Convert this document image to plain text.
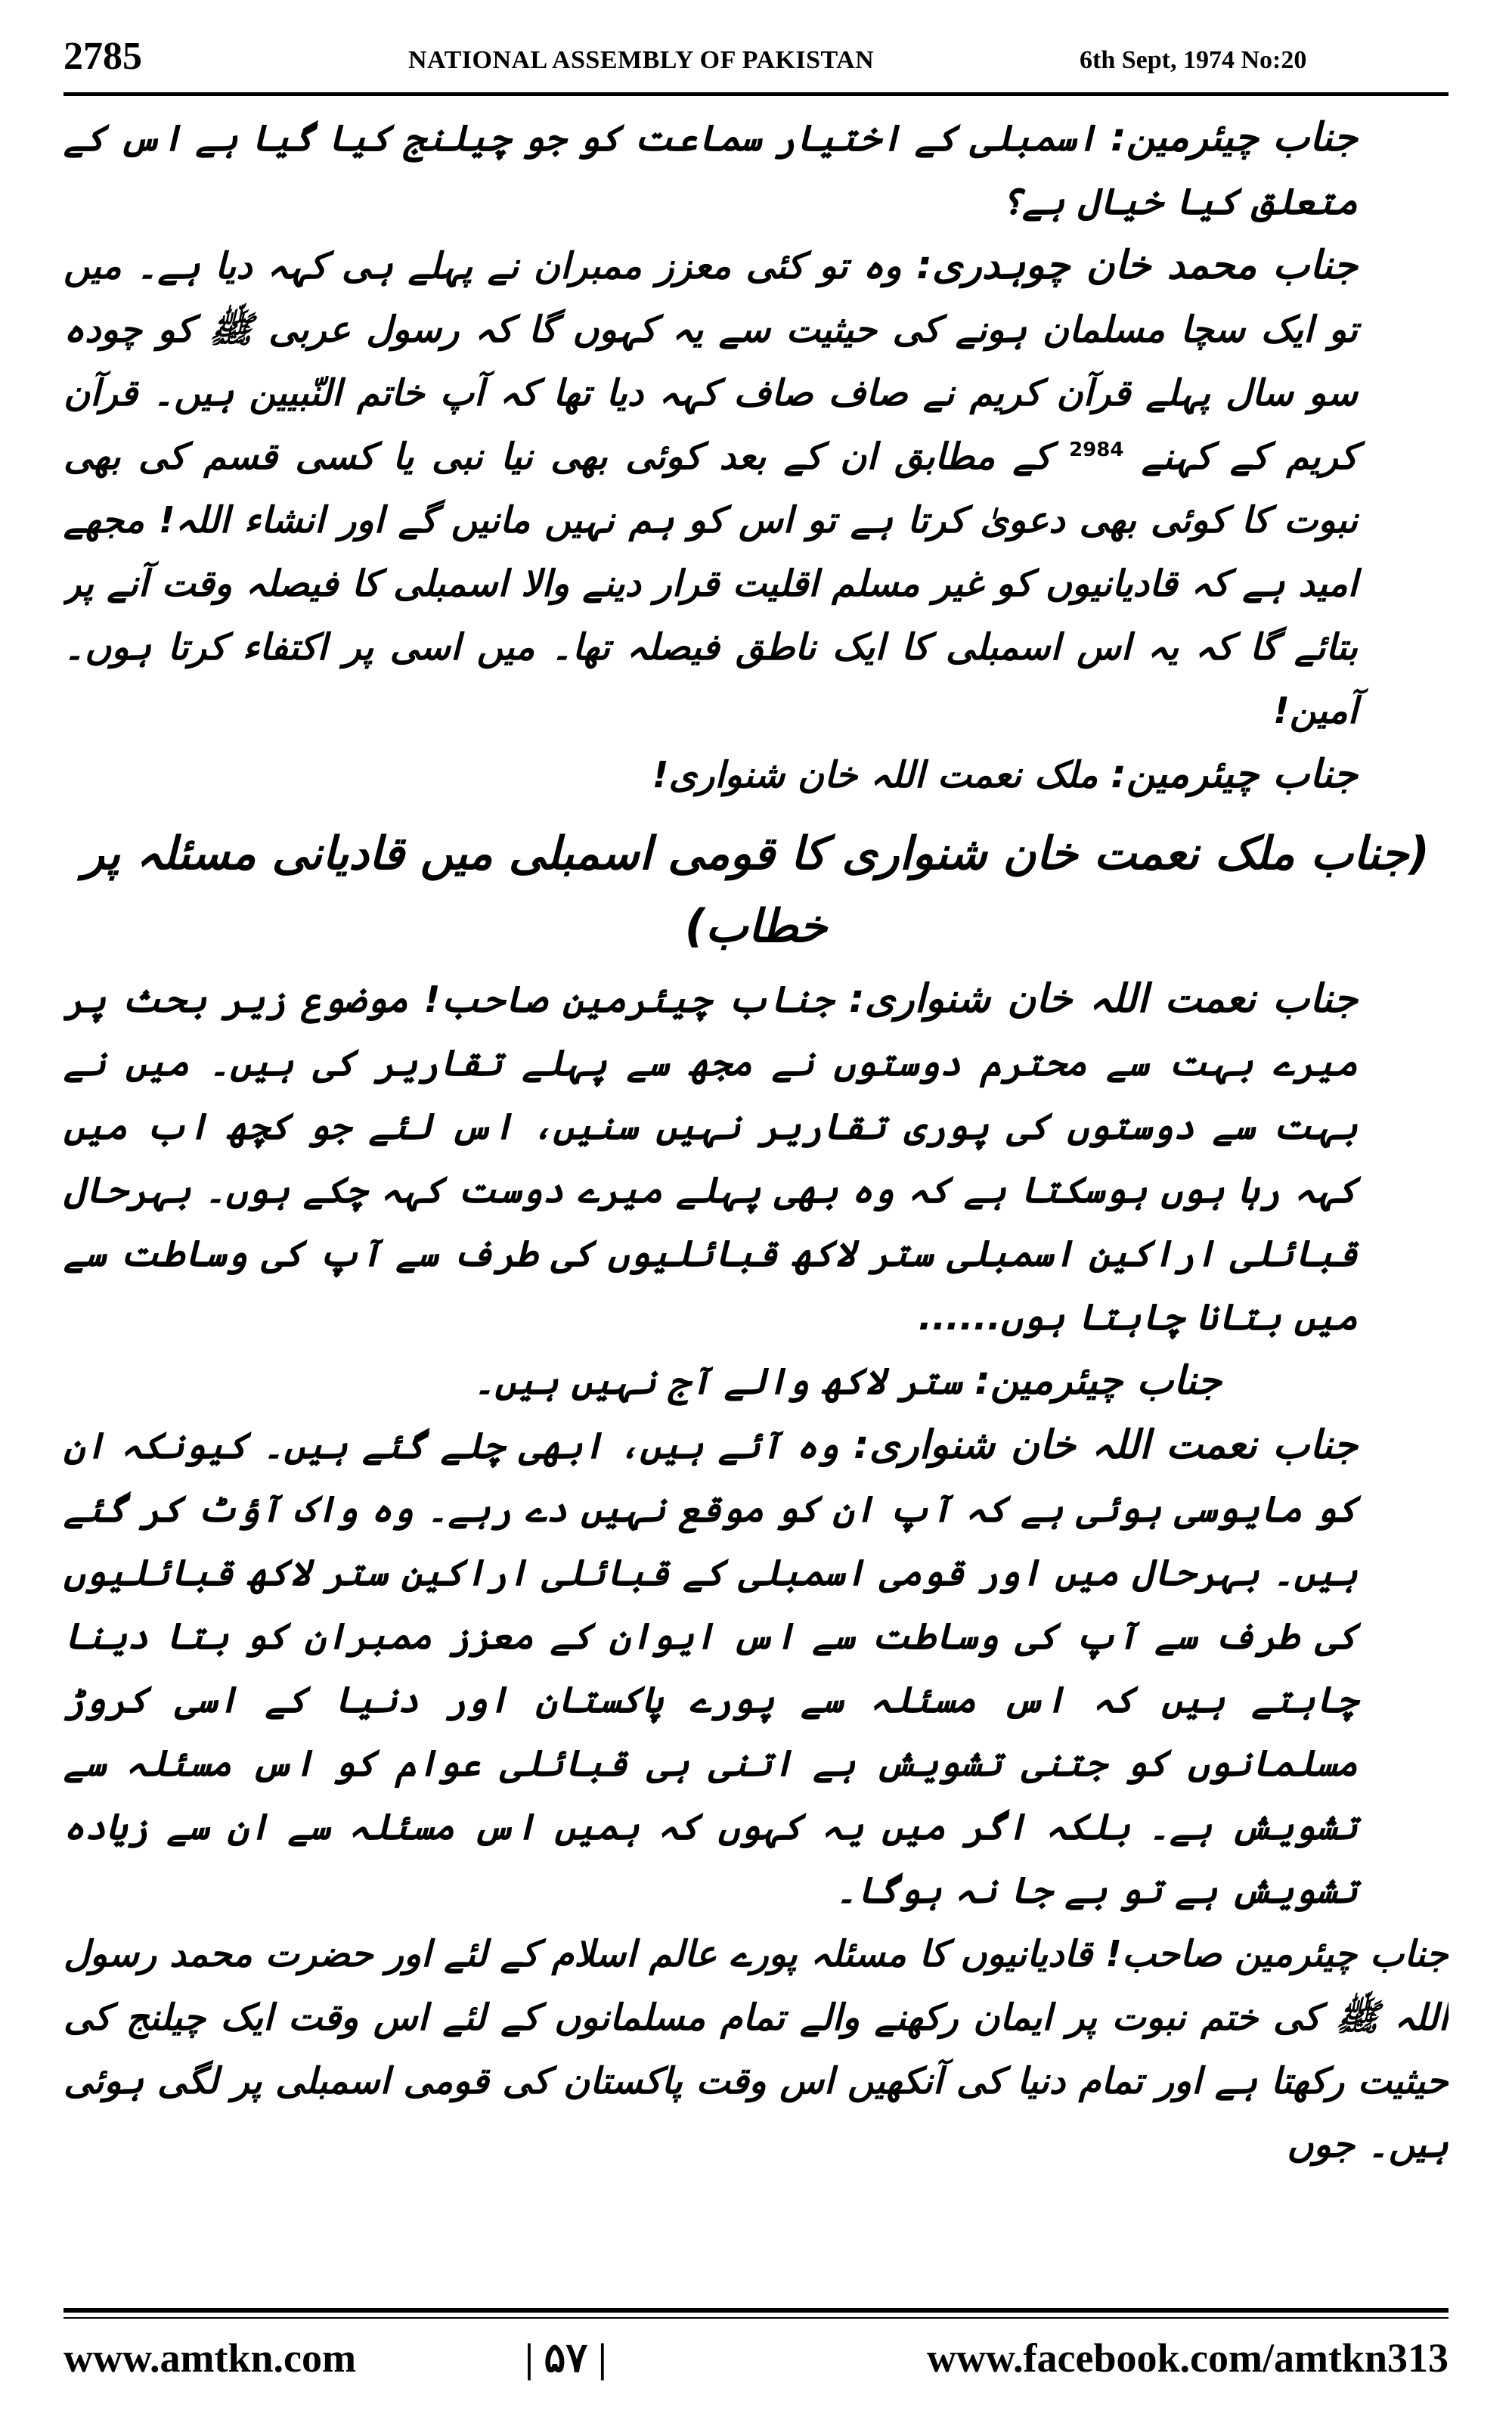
2785	NATIONAL ASSEMBLY OF PAKISTAN	6th Sept, 1974 No:20

جناب چیئرمین: اسمبلی کے اختیار سماعت کو جو چیلنج کیا گیا ہے اس کے متعلق کیا خیال ہے؟

جناب محمد خان چوہدری: وہ تو کئی معزز ممبران نے پہلے ہی کہہ دیا ہے۔ میں تو ایک سچا مسلمان ہونے کی حیثیت سے یہ کہوں گا کہ رسول عربی ﷺ کو چودہ سو سال پہلے قرآن کریم نے صاف صاف کہہ دیا تھا کہ آپ خاتم النّبیین ہیں۔ قرآن کریم کے کہنے $^{2984}$ کے مطابق ان کے بعد کوئی بھی نیا نبی یا کسی قسم کی بھی نبوت کا کوئی بھی دعویٰ کرتا ہے تو اس کو ہم نہیں مانیں گے اور انشاء اللہ! مجھے امید ہے کہ قادیانیوں کو غیر مسلم اقلیت قرار دینے والا اسمبلی کا فیصلہ وقت آنے پر بتائے گا کہ یہ اس اسمبلی کا ایک ناطق فیصلہ تھا۔ میں اسی پر اکتفاء کرتا ہوں۔ آمین!

جناب چیئرمین: ملک نعمت اللہ خان شنواری!

(جناب ملک نعمت خان شنواری کا قومی اسمبلی میں قادیانی مسئلہ پر خطاب)

جناب نعمت اللہ خان شنواری: جناب چیئرمین صاحب! موضوع زیر بحث پر میرے بہت سے محترم دوستوں نے مجھ سے پہلے تقاریر کی ہیں۔ میں نے بہت سے دوستوں کی پوری تقاریر نہیں سنیں، اس لئے جو کچھ اب میں کہہ رہا ہوں ہوسکتا ہے کہ وہ بھی پہلے میرے دوست کہہ چکے ہوں۔ بہرحال قبائلی اراکین اسمبلی ستر لاکھ قبائلیوں کی طرف سے آپ کی وساطت سے میں بتانا چاہتا ہوں......

جناب چیئرمین: ستر لاکھ والے آج نہیں ہیں۔

جناب نعمت اللہ خان شنواری: وہ آئے ہیں، ابھی چلے گئے ہیں۔ کیونکہ ان کو مایوسی ہوئی ہے کہ آپ ان کو موقع نہیں دے رہے۔ وہ واک آؤٹ کر گئے ہیں۔ بہرحال میں اور قومی اسمبلی کے قبائلی اراکین ستر لاکھ قبائلیوں کی طرف سے آپ کی وساطت سے اس ایوان کے معزز ممبران کو بتا دینا چاہتے ہیں کہ اس مسئلہ سے پورے پاکستان اور دنیا کے اسی کروڑ مسلمانوں کو جتنی تشویش ہے اتنی ہی قبائلی عوام کو اس مسئلہ سے تشویش ہے۔ بلکہ اگر میں یہ کہوں کہ ہمیں اس مسئلہ سے ان سے زیادہ تشویش ہے تو بے جا نہ ہوگا۔

جناب چیئرمین صاحب! قادیانیوں کا مسئلہ پورے عالم اسلام کے لئے اور حضرت محمد رسول اللہ ﷺ کی ختم نبوت پر ایمان رکھنے والے تمام مسلمانوں کے لئے اس وقت ایک چیلنج کی حیثیت رکھتا ہے اور تمام دنیا کی آنکھیں اس وقت پاکستان کی قومی اسمبلی پر لگی ہوئی ہیں۔ جوں

www.amtkn.com	| ۵۷ |	www.facebook.com/amtkn313
